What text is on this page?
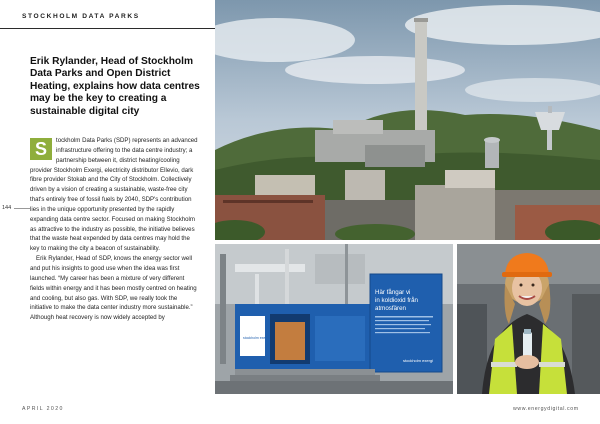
STOCKHOLM DATA PARKS
Erik Rylander, Head of Stockholm Data Parks and Open District Heating, explains how data centres may be the key to creating a sustainable digital city
144

S	tockholm Data Parks (SDP) represents an advanced infrastructure offering to the data centre industry; a partnership between it, district heating/cooling provider Stockholm Exergi, electricity distributor Ellevio, dark fibre provider Stokab and the City of Stockholm. Collectively driven by a vision of creating a sustainable, waste-free city that's entirely free of fossil fuels by 2040, SDP's contribution lies in the unique opportunity presented by the rapidly expanding data centre sector. Focused on making Stockholm as attractive to the industry as possible, the initiative believes that the waste heat expended by data centres may hold the key to making the city a beacon of sustainability.

Erik Rylander, Head of SDP, knows the energy sector well and put his insights to good use when the idea was first launched. “My career has been a mixture of very different fields within energy and it has been mostly centred on heating and cooling, but also gas. With SDP, we really took the initiative to make the data center industry more sustainable.” Although heat recovery is now widely accepted by

stockholm exergi
Här fångar vi
in koldioxid från
atmosfären
stockholm exergi
APRIL 2020	www.energydigital.com
